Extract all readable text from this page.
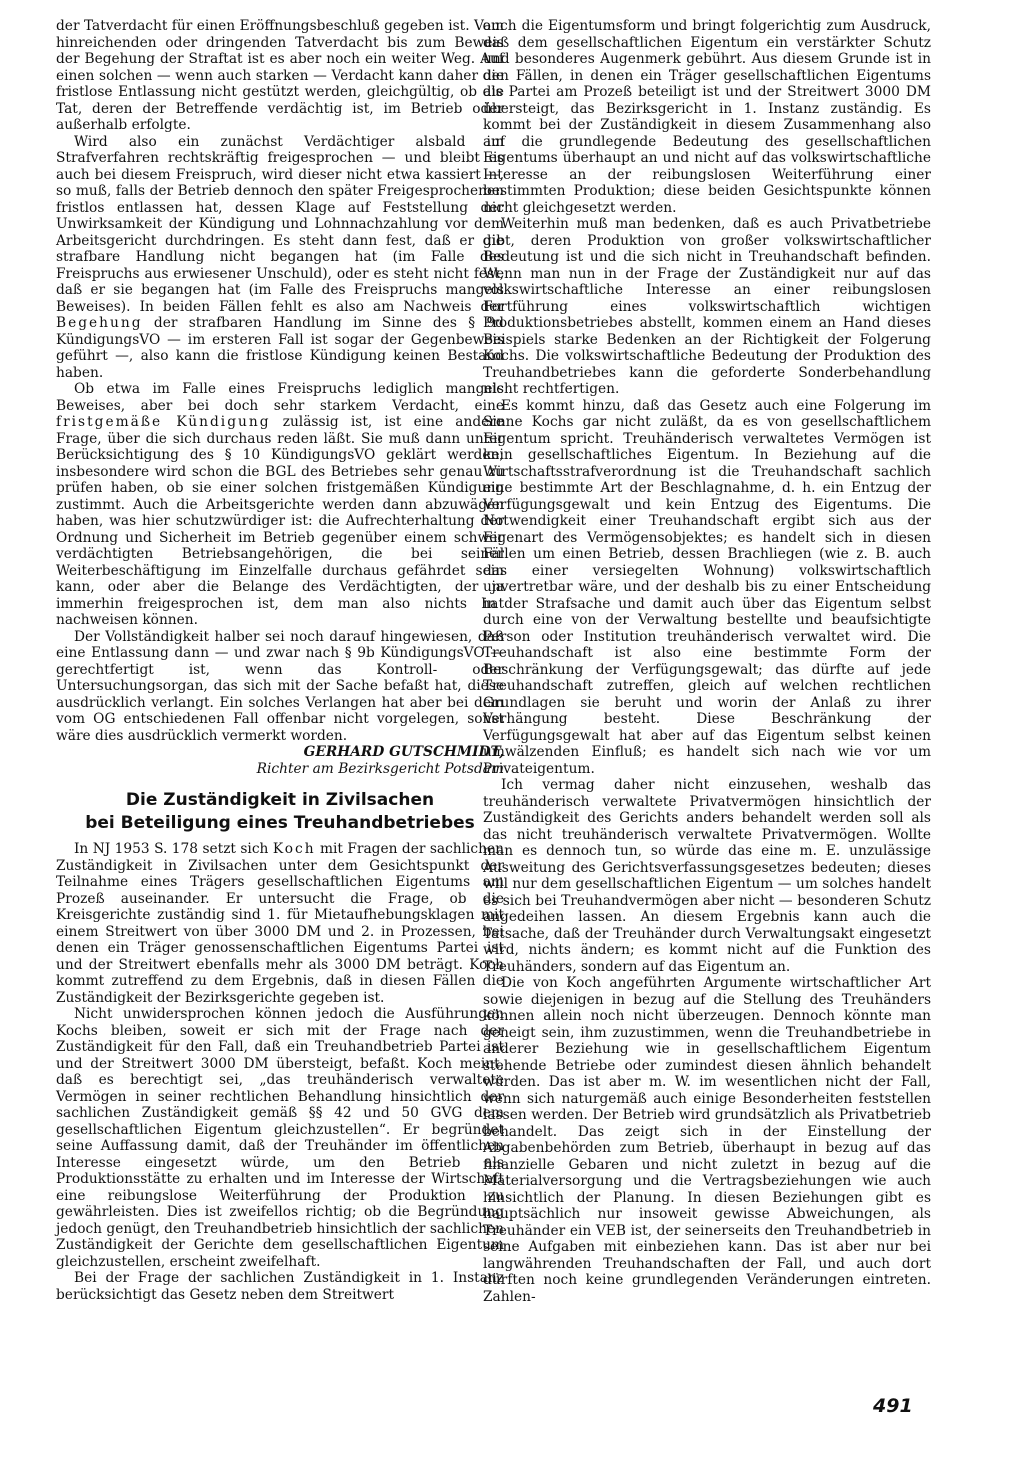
der Tatverdacht für einen Eröffnungsbeschluß gegeben ist. Vom hinreichenden oder dringenden Tatverdacht bis zum Beweis der Begehung der Straftat ist es aber noch ein weiter Weg. Auf einen solchen — wenn auch starken — Verdacht kann daher die fristlose Entlassung nicht gestützt werden, gleichgültig, ob die Tat, deren der Betreffende verdächtig ist, im Betrieb oder außerhalb erfolgte.

Wird also ein zunächst Verdächtiger alsbald im Strafverfahren rechtskräftig freigesprochen — und bleibt es auch bei diesem Freispruch, wird dieser nicht etwa kassiert —, so muß, falls der Betrieb dennoch den später Freigesprochenen fristlos entlassen hat, dessen Klage auf Feststellung der Unwirksamkeit der Kündigung und Lohnnachzahlung vor dem Arbeitsgericht durchdringen. Es steht dann fest, daß er die strafbare Handlung nicht begangen hat (im Falle des Freispruchs aus erwiesener Unschuld), oder es steht nicht fest, daß er sie begangen hat (im Falle des Freispruchs mangels Beweises). In beiden Fällen fehlt es also am Nachweis der Begehung der strafbaren Handlung im Sinne des § 9d KündigungsVO — im ersteren Fall ist sogar der Gegenbeweis geführt —, also kann die fristlose Kündigung keinen Bestand haben.

Ob etwa im Falle eines Freispruchs lediglich mangels Beweises, aber bei doch sehr starkem Verdacht, eine fristgemäße Kündigung zulässig ist, ist eine andere Frage, über die sich durchaus reden läßt. Sie muß dann unter Berücksichtigung des § 10 KündigungsVO geklärt werden; insbesondere wird schon die BGL des Betriebes sehr genau zu prüfen haben, ob sie einer solchen fristgemäßen Kündigung zustimmt. Auch die Arbeitsgerichte werden dann abzuwägen haben, was hier schutzwürdiger ist: die Aufrechterhaltung der Ordnung und Sicherheit im Betrieb gegenüber einem schwer verdächtigten Betriebsangehörigen, die bei seiner Weiterbeschäftigung im Einzelfalle durchaus gefährdet sein kann, oder aber die Belange des Verdächtigten, der ja immerhin freigesprochen ist, dem man also nichts hat nachweisen können.

Der Vollständigkeit halber sei noch darauf hingewiesen, daß eine Entlassung dann — und zwar nach § 9b KündigungsVO — gerechtfertigt ist, wenn das Kontroll- oder Untersuchungsorgan, das sich mit der Sache befaßt hat, diese ausdrücklich verlangt. Ein solches Verlangen hat aber bei dem vom OG entschiedenen Fall offenbar nicht vorgelegen, sonst wäre dies ausdrücklich vermerkt worden.

GERHARD GUTSCHMIDT,
Richter am Bezirksgericht Potsdam

Die Zuständigkeit in Zivilsachen
bei Beteiligung eines Treuhandbetriebes

In NJ 1953 S. 178 setzt sich Koch mit Fragen der sachlichen Zuständigkeit in Zivilsachen unter dem Gesichtspunkt der Teilnahme eines Trägers gesellschaftlichen Eigentums am Prozeß auseinander. Er untersucht die Frage, ob die Kreisgerichte zuständig sind 1. für Mietaufhebungsklagen mit einem Streitwert von über 3000 DM und 2. in Prozessen, bei denen ein Träger genossenschaftlichen Eigentums Partei ist und der Streitwert ebenfalls mehr als 3000 DM beträgt. Koch kommt zutreffend zu dem Ergebnis, daß in diesen Fällen die Zuständigkeit der Bezirksgerichte gegeben ist.

Nicht unwidersprochen können jedoch die Ausführungen Kochs bleiben, soweit er sich mit der Frage nach der Zuständigkeit für den Fall, daß ein Treuhandbetrieb Partei ist und der Streitwert 3000 DM übersteigt, befaßt. Koch meint, daß es berechtigt sei, „das treuhänderisch verwaltete Vermögen in seiner rechtlichen Behandlung hinsichtlich der sachlichen Zuständigkeit gemäß §§ 42 und 50 GVG dem gesellschaftlichen Eigentum gleichzustellen“. Er begründet seine Auffassung damit, daß der Treuhänder im öffentlichen Interesse eingesetzt würde, um den Betrieb als Produktionsstätte zu erhalten und im Interesse der Wirtschaft eine reibungslose Weiterführung der Produktion zu gewährleisten. Dies ist zweifellos richtig; ob die Begründung jedoch genügt, den Treuhandbetrieb hinsichtlich der sachlichen Zuständigkeit der Gerichte dem gesellschaftlichen Eigentum gleichzustellen, erscheint zweifelhaft.

Bei der Frage der sachlichen Zuständigkeit in 1. Instanz berücksichtigt das Gesetz neben dem Streitwert

auch die Eigentumsform und bringt folgerichtig zum Ausdruck, daß dem gesellschaftlichen Eigentum ein verstärkter Schutz und besonderes Augenmerk gebührt. Aus diesem Grunde ist in den Fällen, in denen ein Träger gesellschaftlichen Eigentums als Partei am Prozeß beteiligt ist und der Streitwert 3000 DM übersteigt, das Bezirksgericht in 1. Instanz zuständig. Es kommt bei der Zuständigkeit in diesem Zusammenhang also auf die grundlegende Bedeutung des gesellschaftlichen Eigentums überhaupt an und nicht auf das volkswirtschaftliche Interesse an der reibungslosen Weiterführung einer bestimmten Produktion; diese beiden Gesichtspunkte können nicht gleichgesetzt werden.

Weiterhin muß man bedenken, daß es auch Privatbetriebe gibt, deren Produktion von großer volkswirtschaftlicher Bedeutung ist und die sich nicht in Treuhandschaft befinden. Wenn man nun in der Frage der Zuständigkeit nur auf das volkswirtschaftliche Interesse an einer reibungslosen Fortführung eines volkswirtschaftlich wichtigen Produktionsbetriebes abstellt, kommen einem an Hand dieses Beispiels starke Bedenken an der Richtigkeit der Folgerung Kochs. Die volkswirtschaftliche Bedeutung der Produktion des Treuhandbetriebes kann die geforderte Sonderbehandlung nicht rechtfertigen.

Es kommt hinzu, daß das Gesetz auch eine Folgerung im Sinne Kochs gar nicht zuläßt, da es von gesellschaftlichem Eigentum spricht. Treuhänderisch verwaltetes Vermögen ist kein gesellschaftliches Eigentum. In Beziehung auf die Wirtschaftsstrafverordnung ist die Treuhandschaft sachlich eine bestimmte Art der Beschlagnahme, d. h. ein Entzug der Verfügungsgewalt und kein Entzug des Eigentums. Die Notwendigkeit einer Treuhandschaft ergibt sich aus der Eigenart des Vermögensobjektes; es handelt sich in diesen Fällen um einen Betrieb, dessen Brachliegen (wie z. B. auch das einer versiegelten Wohnung) volkswirtschaftlich unvertretbar wäre, und der deshalb bis zu einer Entscheidung in der Strafsache und damit auch über das Eigentum selbst durch eine von der Verwaltung bestellte und beaufsichtigte Person oder Institution treuhänderisch verwaltet wird. Die Treuhandschaft ist also eine bestimmte Form der Beschränkung der Verfügungsgewalt; das dürfte auf jede Treuhandschaft zutreffen, gleich auf welchen rechtlichen Grundlagen sie beruht und worin der Anlaß zu ihrer Verhängung besteht. Diese Beschränkung der Verfügungsgewalt hat aber auf das Eigentum selbst keinen umwälzenden Einfluß; es handelt sich nach wie vor um Privateigentum.

Ich vermag daher nicht einzusehen, weshalb das treuhänderisch verwaltete Privatvermögen hinsichtlich der Zuständigkeit des Gerichts anders behandelt werden soll als das nicht treuhänderisch verwaltete Privatvermögen. Wollte man es dennoch tun, so würde das eine m. E. unzulässige Ausweitung des Gerichtsverfassungsgesetzes bedeuten; dieses will nur dem gesellschaftlichen Eigentum — um solches handelt es sich bei Treuhandvermögen aber nicht — besonderen Schutz angedeihen lassen. An diesem Ergebnis kann auch die Tatsache, daß der Treuhänder durch Verwaltungsakt eingesetzt wird, nichts ändern; es kommt nicht auf die Funktion des Treuhänders, sondern auf das Eigentum an.

Die von Koch angeführten Argumente wirtschaftlicher Art sowie diejenigen in bezug auf die Stellung des Treuhänders können allein noch nicht überzeugen. Dennoch könnte man geneigt sein, ihm zuzustimmen, wenn die Treuhandbetriebe in anderer Beziehung wie in gesellschaftlichem Eigentum stehende Betriebe oder zumindest diesen ähnlich behandelt würden. Das ist aber m. W. im wesentlichen nicht der Fall, wenn sich naturgemäß auch einige Besonderheiten feststellen lassen werden. Der Betrieb wird grundsätzlich als Privatbetrieb behandelt. Das zeigt sich in der Einstellung der Abgabenbehörden zum Betrieb, überhaupt in bezug auf das finanzielle Gebaren und nicht zuletzt in bezug auf die Materialversorgung und die Vertragsbeziehungen wie auch hinsichtlich der Planung. In diesen Beziehungen gibt es hauptsächlich nur insoweit gewisse Abweichungen, als Treuhänder ein VEB ist, der seinerseits den Treuhandbetrieb in seine Aufgaben mit einbeziehen kann. Das ist aber nur bei langwährenden Treuhandschaften der Fall, und auch dort dürften noch keine grundlegenden Veränderungen eintreten. Zahlen-

491
